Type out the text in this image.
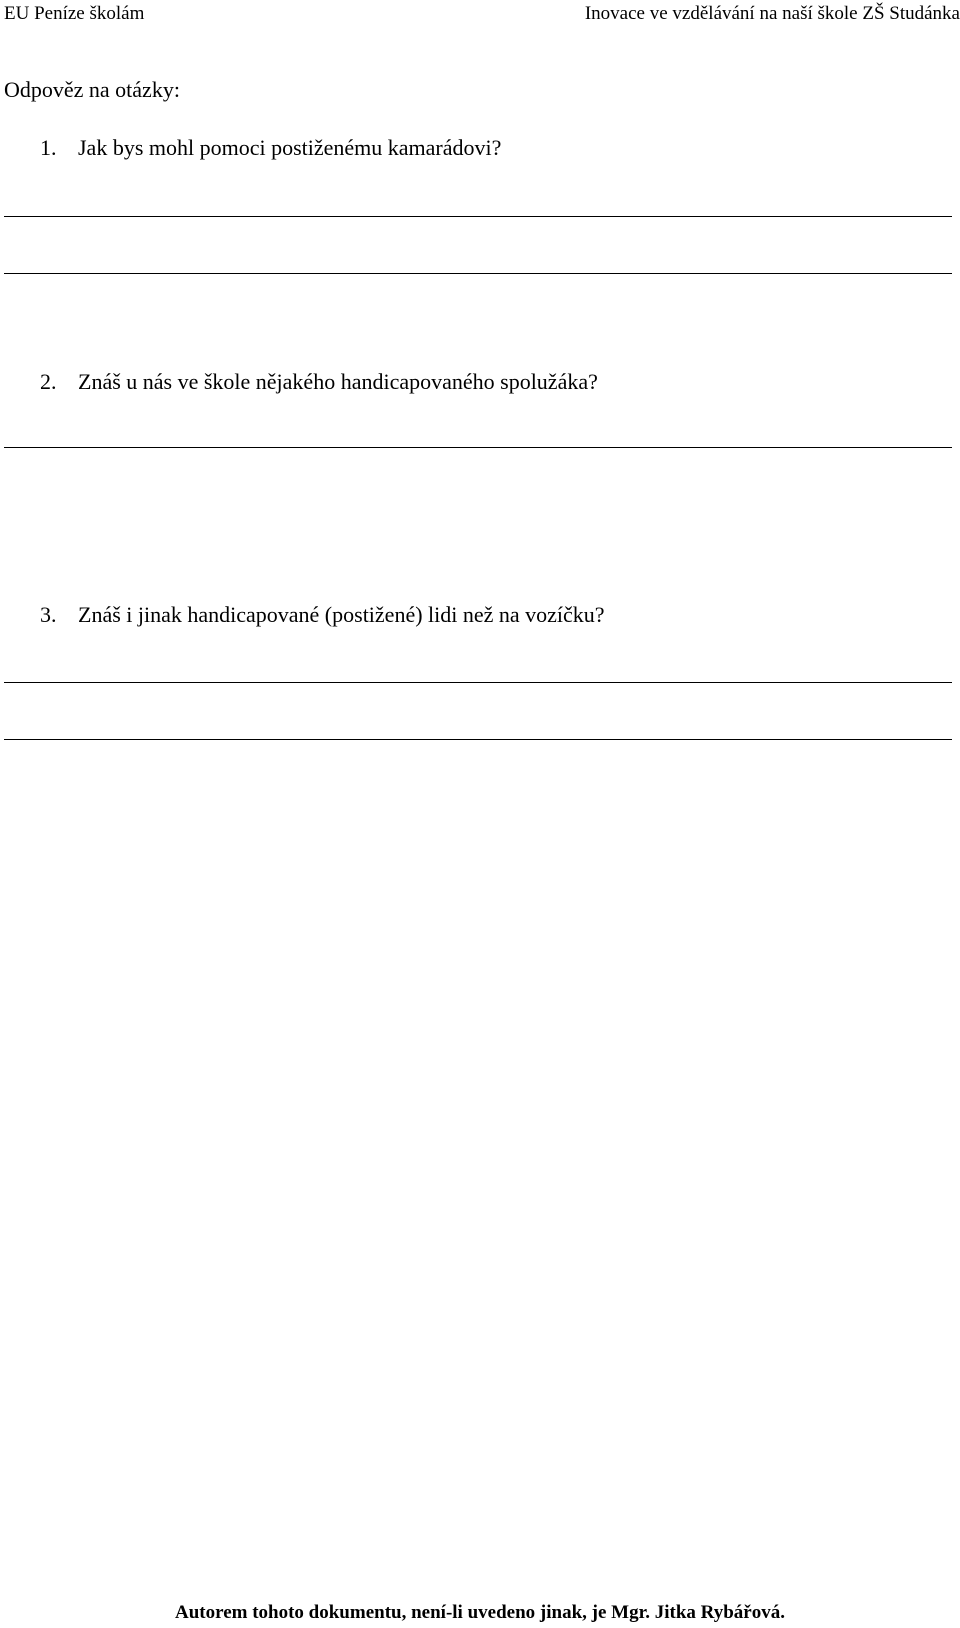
EU Peníze školám	Inovace ve vzdělávání na naší škole ZŠ Studánka
Odpověz na otázky:
1. Jak bys mohl pomoci postiženému kamarádovi?
2. Znáš u nás ve škole nějakého handicapovaného spolužáka?
3. Znáš i jinak handicapované (postižené) lidi než na vozíčku?
Autorem tohoto dokumentu, není-li uvedeno jinak, je Mgr. Jitka Rybářová.
